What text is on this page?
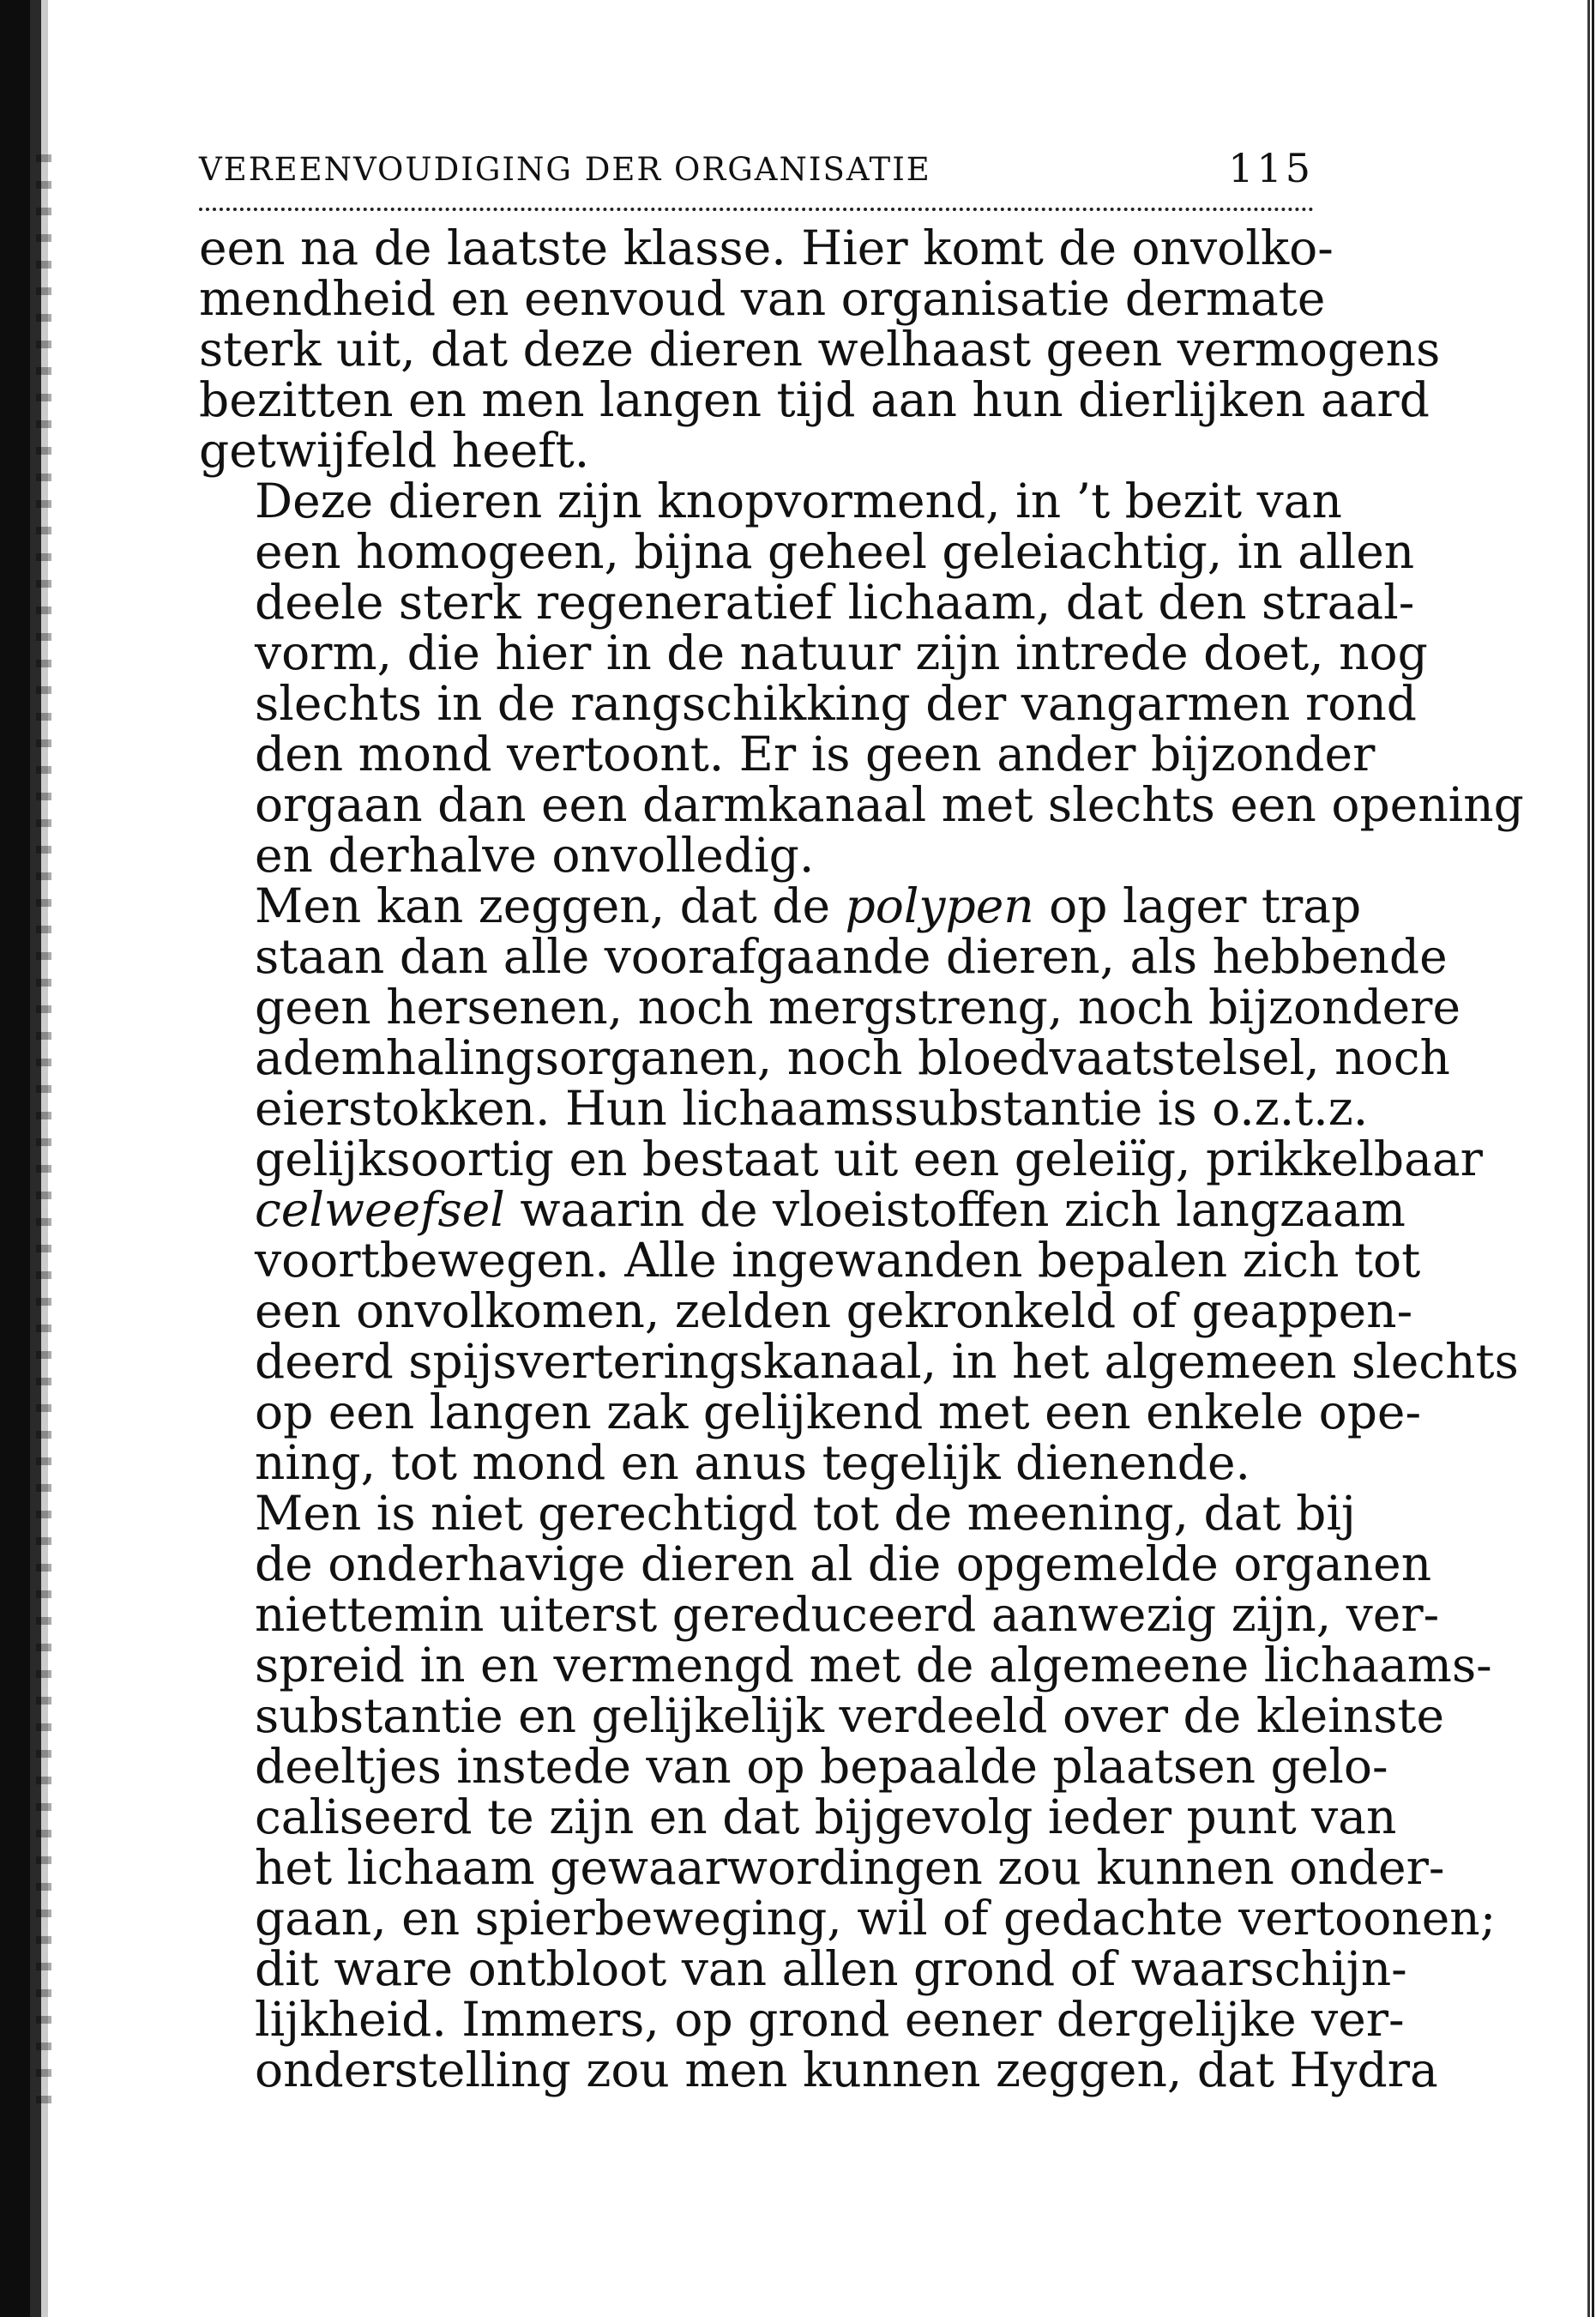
VEREENVOUDIGING DER ORGANISATIE	115

een na de laatste klasse. Hier komt de onvolko-
mendheid en eenvoud van organisatie dermate
sterk uit, dat deze dieren welhaast geen vermogens
bezitten en men langen tijd aan hun dierlijken aard
getwijfeld heeft.

Deze dieren zijn knopvormend, in ’t bezit van
een homogeen, bijna geheel geleiachtig, in allen
deele sterk regeneratief lichaam, dat den straal-
vorm, die hier in de natuur zijn intrede doet, nog
slechts in de rangschikking der vangarmen rond
den mond vertoont. Er is geen ander bijzonder
orgaan dan een darmkanaal met slechts een opening
en derhalve onvolledig.

Men kan zeggen, dat de polypen op lager trap
staan dan alle voorafgaande dieren, als hebbende
geen hersenen, noch mergstreng, noch bijzondere
ademhalingsorganen, noch bloedvaatstelsel, noch
eierstokken. Hun lichaamssubstantie is o.z.t.z.
gelijksoortig en bestaat uit een geleiïg, prikkelbaar
celweefsel waarin de vloeistoffen zich langzaam
voortbewegen. Alle ingewanden bepalen zich tot
een onvolkomen, zelden gekronkeld of geappen-
deerd spijsverteringskanaal, in het algemeen slechts
op een langen zak gelijkend met een enkele ope-
ning, tot mond en anus tegelijk dienende.

Men is niet gerechtigd tot de meening, dat bij
de onderhavige dieren al die opgemelde organen
niettemin uiterst gereduceerd aanwezig zijn, ver-
spreid in en vermengd met de algemeene lichaams-
substantie en gelijkelijk verdeeld over de kleinste
deeltjes instede van op bepaalde plaatsen gelo-
caliseerd te zijn en dat bijgevolg ieder punt van
het lichaam gewaarwordingen zou kunnen onder-
gaan, en spierbeweging, wil of gedachte vertoonen;
dit ware ontbloot van allen grond of waarschijn-
lijkheid. Immers, op grond eener dergelijke ver-
onderstelling zou men kunnen zeggen, dat Hydra
